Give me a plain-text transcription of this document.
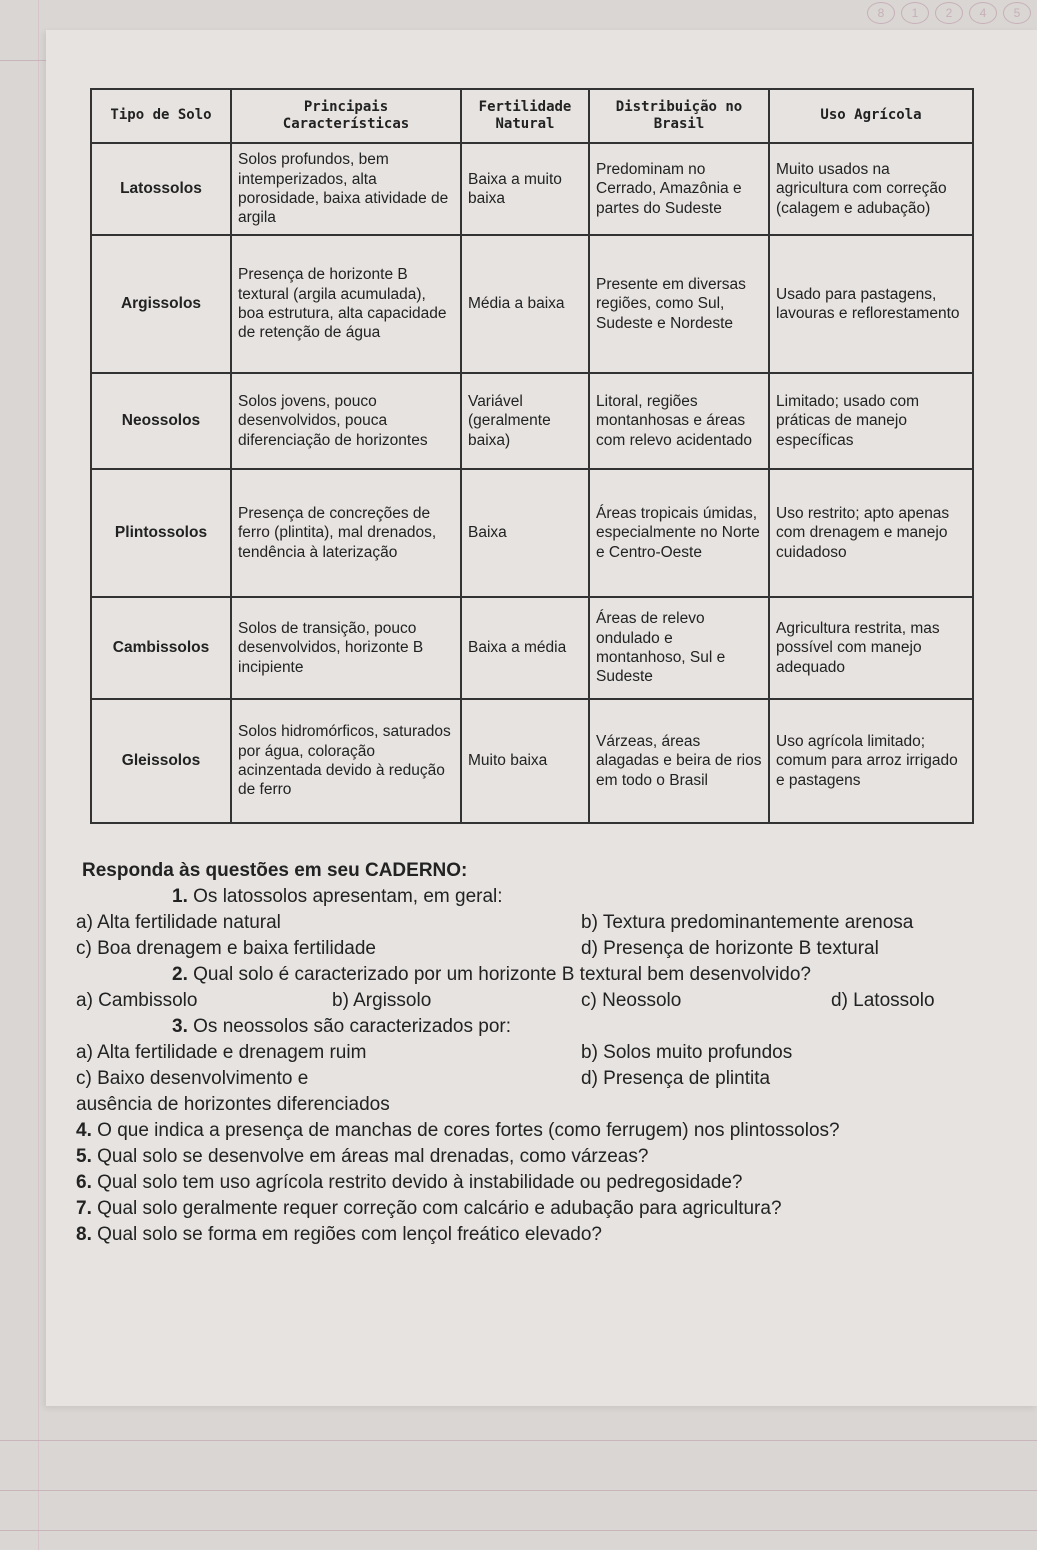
8	1	2	4	5
Tipo de Solo	Principais Características	Fertilidade Natural	Distribuição no Brasil	Uso Agrícola
Latossolos	Solos profundos, bem intemperizados, alta porosidade, baixa atividade de argila	Baixa a muito baixa	Predominam no Cerrado, Amazônia e partes do Sudeste	Muito usados na agricultura com correção (calagem e adubação)
Argissolos	Presença de horizonte B textural (argila acumulada), boa estrutura, alta capacidade de retenção de água	Média a baixa	Presente em diversas regiões, como Sul, Sudeste e Nordeste	Usado para pastagens, lavouras e reflorestamento
Neossolos	Solos jovens, pouco desenvolvidos, pouca diferenciação de horizontes	Variável (geralmente baixa)	Litoral, regiões montanhosas e áreas com relevo acidentado	Limitado; usado com práticas de manejo específicas
Plintossolos	Presença de concreções de ferro (plintita), mal drenados, tendência à laterização	Baixa	Áreas tropicais úmidas, especialmente no Norte e Centro-Oeste	Uso restrito; apto apenas com drenagem e manejo cuidadoso
Cambissolos	Solos de transição, pouco desenvolvidos, horizonte B incipiente	Baixa a média	Áreas de relevo ondulado e montanhoso, Sul e Sudeste	Agricultura restrita, mas possível com manejo adequado
Gleissolos	Solos hidromórficos, saturados por água, coloração acinzentada devido à redução de ferro	Muito baixa	Várzeas, áreas alagadas e beira de rios em todo o Brasil	Uso agrícola limitado; comum para arroz irrigado e pastagens
Responda às questões em seu CADERNO:
1. Os latossolos apresentam, em geral:
a) Alta fertilidade natural	b) Textura predominantemente arenosa
c) Boa drenagem e baixa fertilidade	d) Presença de horizonte B textural
2. Qual solo é caracterizado por um horizonte B textural bem desenvolvido?
a) Cambissolo	b) Argissolo	c) Neossolo	d) Latossolo
3. Os neossolos são caracterizados por:
a) Alta fertilidade e drenagem ruim	b) Solos muito profundos
c) Baixo desenvolvimento e	d) Presença de plintita
ausência de horizontes diferenciados
4. O que indica a presença de manchas de cores fortes (como ferrugem) nos plintossolos?
5. Qual solo se desenvolve em áreas mal drenadas, como várzeas?
6. Qual solo tem uso agrícola restrito devido à instabilidade ou pedregosidade?
7. Qual solo geralmente requer correção com calcário e adubação para agricultura?
8. Qual solo se forma em regiões com lençol freático elevado?
